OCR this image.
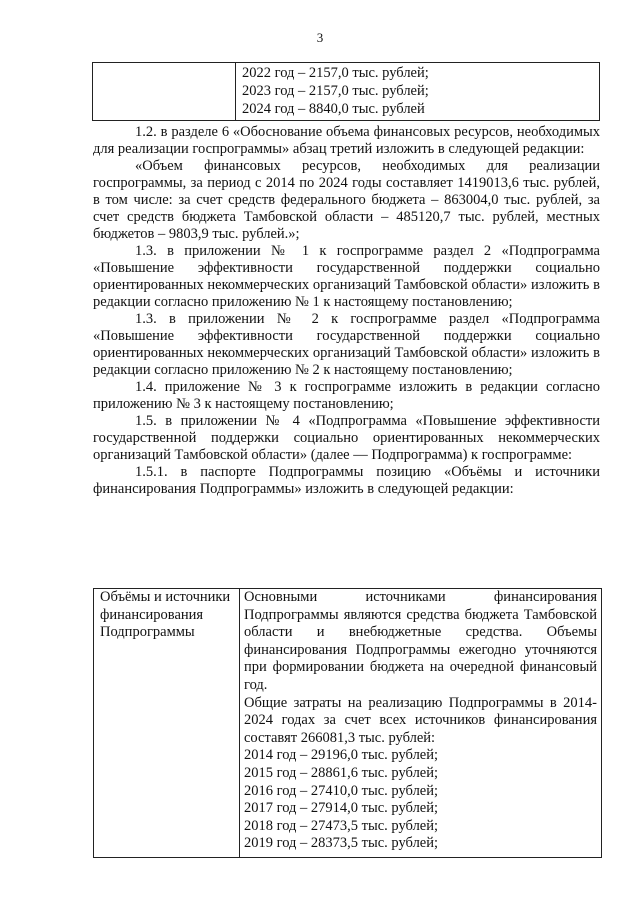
3

2022 год – 2157,0 тыс. рублей;
2023 год – 2157,0 тыс. рублей;
2024 год – 8840,0 тыс. рублей

1.2. в разделе 6 «Обоснование объема финансовых ресурсов, необходимых для реализации госпрограммы» абзац третий изложить в следующей редакции:

«Объем финансовых ресурсов, необходимых для реализации госпрограммы, за период с 2014 по 2024 годы составляет 1419013,6 тыс. рублей, в том числе: за счет средств федерального бюджета – 863004,0 тыс. рублей, за счет средств бюджета Тамбовской области – 485120,7 тыс. рублей, местных бюджетов – 9803,9 тыс. рублей.»;

1.3. в приложении № 1 к госпрограмме раздел 2 «Подпрограмма «Повышение эффективности государственной поддержки социально ориентированных некоммерческих организаций Тамбовской области» изложить в редакции согласно приложению № 1 к настоящему постановлению;

1.3. в приложении № 2 к госпрограмме раздел «Подпрограмма «Повышение эффективности государственной поддержки социально ориентированных некоммерческих организаций Тамбовской области» изложить в редакции согласно приложению № 2 к настоящему постановлению;

1.4. приложение № 3 к госпрограмме изложить в редакции согласно приложению № 3 к настоящему постановлению;

1.5. в приложении № 4 «Подпрограмма «Повышение эффективности государственной поддержки социально ориентированных некоммерческих организаций Тамбовской области» (далее — Подпрограмма) к госпрограмме:

1.5.1. в паспорте Подпрограммы позицию «Объёмы и источники финансирования Подпрограммы» изложить в следующей редакции:

Объёмы и источники финансирования Подпрограммы	
Основными источниками финансирования Подпрограммы являются средства бюджета Тамбовской области и внебюджетные средства. Объемы финансирования Подпрограммы ежегодно уточняются при формировании бюджета на очередной финансовый год.
Общие затраты на реализацию Подпрограммы в 2014-2024 годах за счет всех источников финансирования составят 266081,3 тыс. рублей:
2014 год – 29196,0 тыс. рублей;
2015 год – 28861,6 тыс. рублей;
2016 год – 27410,0 тыс. рублей;
2017 год – 27914,0 тыс. рублей;
2018 год – 27473,5 тыс. рублей;
2019 год – 28373,5 тыс. рублей;
